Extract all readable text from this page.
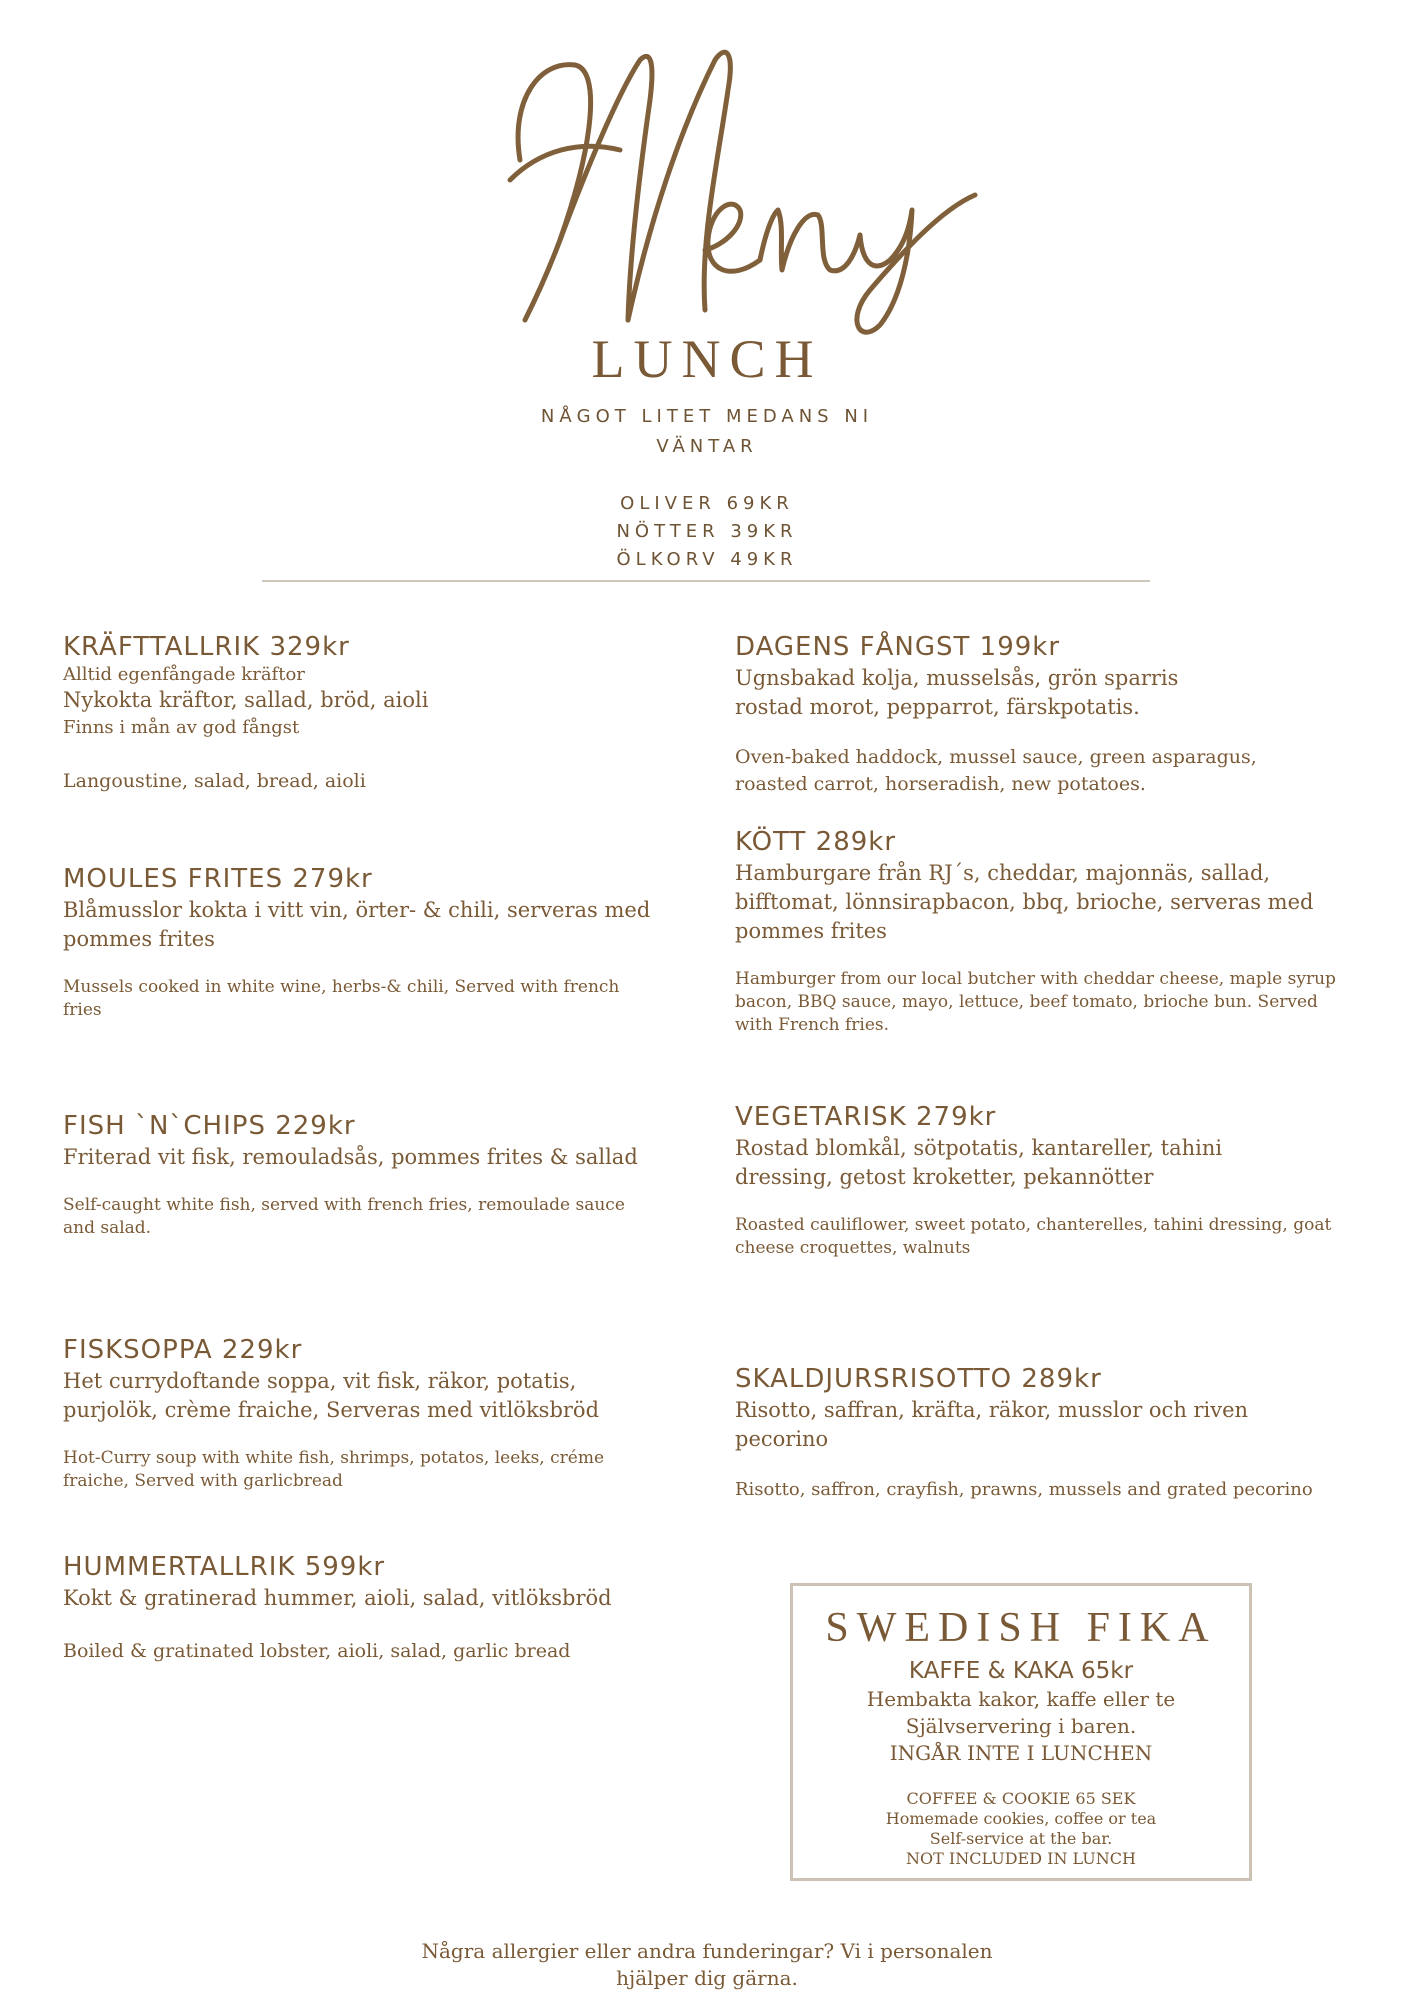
LUNCH
NÅGOT LITET MEDANS NI VÄNTAR
OLIVER 69KR
NÖTTER 39KR
ÖLKORV 49KR
KRÄFTTALLRIK 329kr
Alltid egenfångade kräftor
Nykokta kräftor, sallad, bröd, aioli
Finns i mån av god fångst
Langoustine, salad, bread, aioli
MOULES FRITES 279kr
Blåmusslor kokta i vitt vin, örter- & chili, serveras med pommes frites
Mussels cooked in white wine, herbs-& chili, Served with french fries
FISH `N`CHIPS 229kr
Friterad vit fisk, remouladsås, pommes frites & sallad
Self-caught white fish, served with french fries, remoulade sauce and salad.
FISKSOPPA 229kr
Het currydoftande soppa, vit fisk, räkor, potatis, purjolök, crème fraiche, Serveras med vitlöksbröd
Hot-Curry soup with white fish, shrimps, potatos, leeks, créme fraiche, Served with garlicbread
HUMMERTALLRIK 599kr
Kokt & gratinerad hummer, aioli, salad, vitlöksbröd
Boiled & gratinated lobster, aioli, salad, garlic bread
DAGENS FÅNGST 199kr
Ugnsbakad kolja, musselsås, grön sparris rostad morot, pepparrot, färskpotatis.
Oven-baked haddock, mussel sauce, green asparagus, roasted carrot, horseradish, new potatoes.
KÖTT 289kr
Hamburgare från RJ´s, cheddar, majonnäs, sallad, bifftomat, lönnsirapbacon, bbq, brioche, serveras med pommes frites
Hamburger from our local butcher with cheddar cheese, maple syrup bacon, BBQ sauce, mayo, lettuce, beef tomato, brioche bun. Served with French fries.
VEGETARISK 279kr
Rostad blomkål, sötpotatis, kantareller, tahini dressing, getost kroketter, pekannötter
Roasted cauliflower, sweet potato, chanterelles, tahini dressing, goat cheese croquettes, walnuts
SKALDJURSRISOTTO 289kr
Risotto, saffran, kräfta, räkor, musslor och riven pecorino
Risotto, saffron, crayfish, prawns, mussels and grated pecorino
SWEDISH FIKA
KAFFE & KAKA 65kr
Hembakta kakor, kaffe eller te
Självservering i baren.
INGÅR INTE I LUNCHEN
COFFEE & COOKIE 65 SEK
Homemade cookies, coffee or tea
Self-service at the bar.
NOT INCLUDED IN LUNCH
Några allergier eller andra funderingar? Vi i personalen hjälper dig gärna.
